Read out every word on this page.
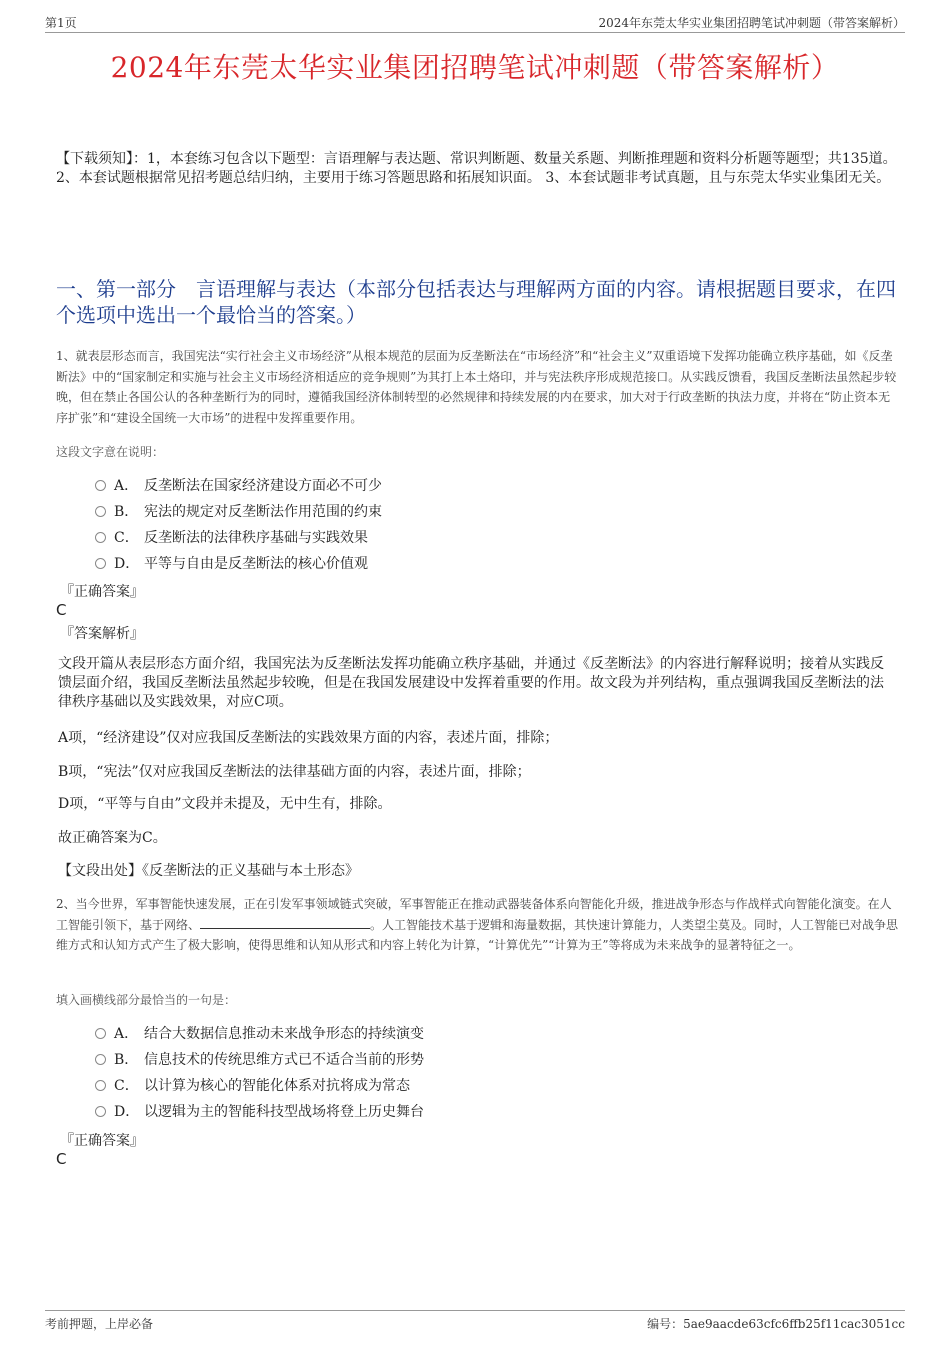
第1页	2024年东莞太华实业集团招聘笔试冲刺题（带答案解析）
2024年东莞太华实业集团招聘笔试冲刺题（带答案解析）
【下载须知】：1，本套练习包含以下题型：言语理解与表达题、常识判断题、数量关系题、判断推理题和资料分析题等题型；共135道。 2、本套试题根据常见招考题总结归纳，主要用于练习答题思路和拓展知识面。 3、本套试题非考试真题，且与东莞太华实业集团无关。
一、第一部分　言语理解与表达（本部分包括表达与理解两方面的内容。请根据题目要求，在四个选项中选出一个最恰当的答案。）
1、就表层形态而言，我国宪法“实行社会主义市场经济”从根本规范的层面为反垄断法在“市场经济”和“社会主义”双重语境下发挥功能确立秩序基础，如《反垄断法》中的“国家制定和实施与社会主义市场经济相适应的竞争规则”为其打上本土烙印，并与宪法秩序形成规范接口。从实践反馈看，我国反垄断法虽然起步较晚，但在禁止各国公认的各种垄断行为的同时，遵循我国经济体制转型的必然规律和持续发展的内在要求，加大对于行政垄断的执法力度，并将在“防止资本无序扩张”和“建设全国统一大市场”的进程中发挥重要作用。
这段文字意在说明：
A． 反垄断法在国家经济建设方面必不可少
B． 宪法的规定对反垄断法作用范围的约束
C． 反垄断法的法律秩序基础与实践效果
D． 平等与自由是反垄断法的核心价值观
『正确答案』
C
『答案解析』
文段开篇从表层形态方面介绍，我国宪法为反垄断法发挥功能确立秩序基础，并通过《反垄断法》的内容进行解释说明；接着从实践反馈层面介绍，我国反垄断法虽然起步较晚，但是在我国发展建设中发挥着重要的作用。故文段为并列结构，重点强调我国反垄断法的法律秩序基础以及实践效果，对应C项。
A项，“经济建设”仅对应我国反垄断法的实践效果方面的内容，表述片面，排除；
B项，“宪法”仅对应我国反垄断法的法律基础方面的内容，表述片面，排除；
D项，“平等与自由”文段并未提及，无中生有，排除。
故正确答案为C。
【文段出处】《反垄断法的正义基础与本土形态》
2、当今世界，军事智能快速发展，正在引发军事领域链式突破，军事智能正在推动武器装备体系向智能化升级，推进战争形态与作战样式向智能化演变。在人工智能引领下，基于网络、	。人工智能技术基于逻辑和海量数据，其快速计算能力，人类望尘莫及。同时，人工智能已对战争思维方式和认知方式产生了极大影响，使得思维和认知从形式和内容上转化为计算，“计算优先”“计算为王”等将成为未来战争的显著特征之一。
填入画横线部分最恰当的一句是：
A． 结合大数据信息推动未来战争形态的持续演变
B． 信息技术的传统思维方式已不适合当前的形势
C． 以计算为核心的智能化体系对抗将成为常态
D． 以逻辑为主的智能科技型战场将登上历史舞台
『正确答案』
C
考前押题，上岸必备	编号：5ae9aacde63cfc6ffb25f11cac3051cc
